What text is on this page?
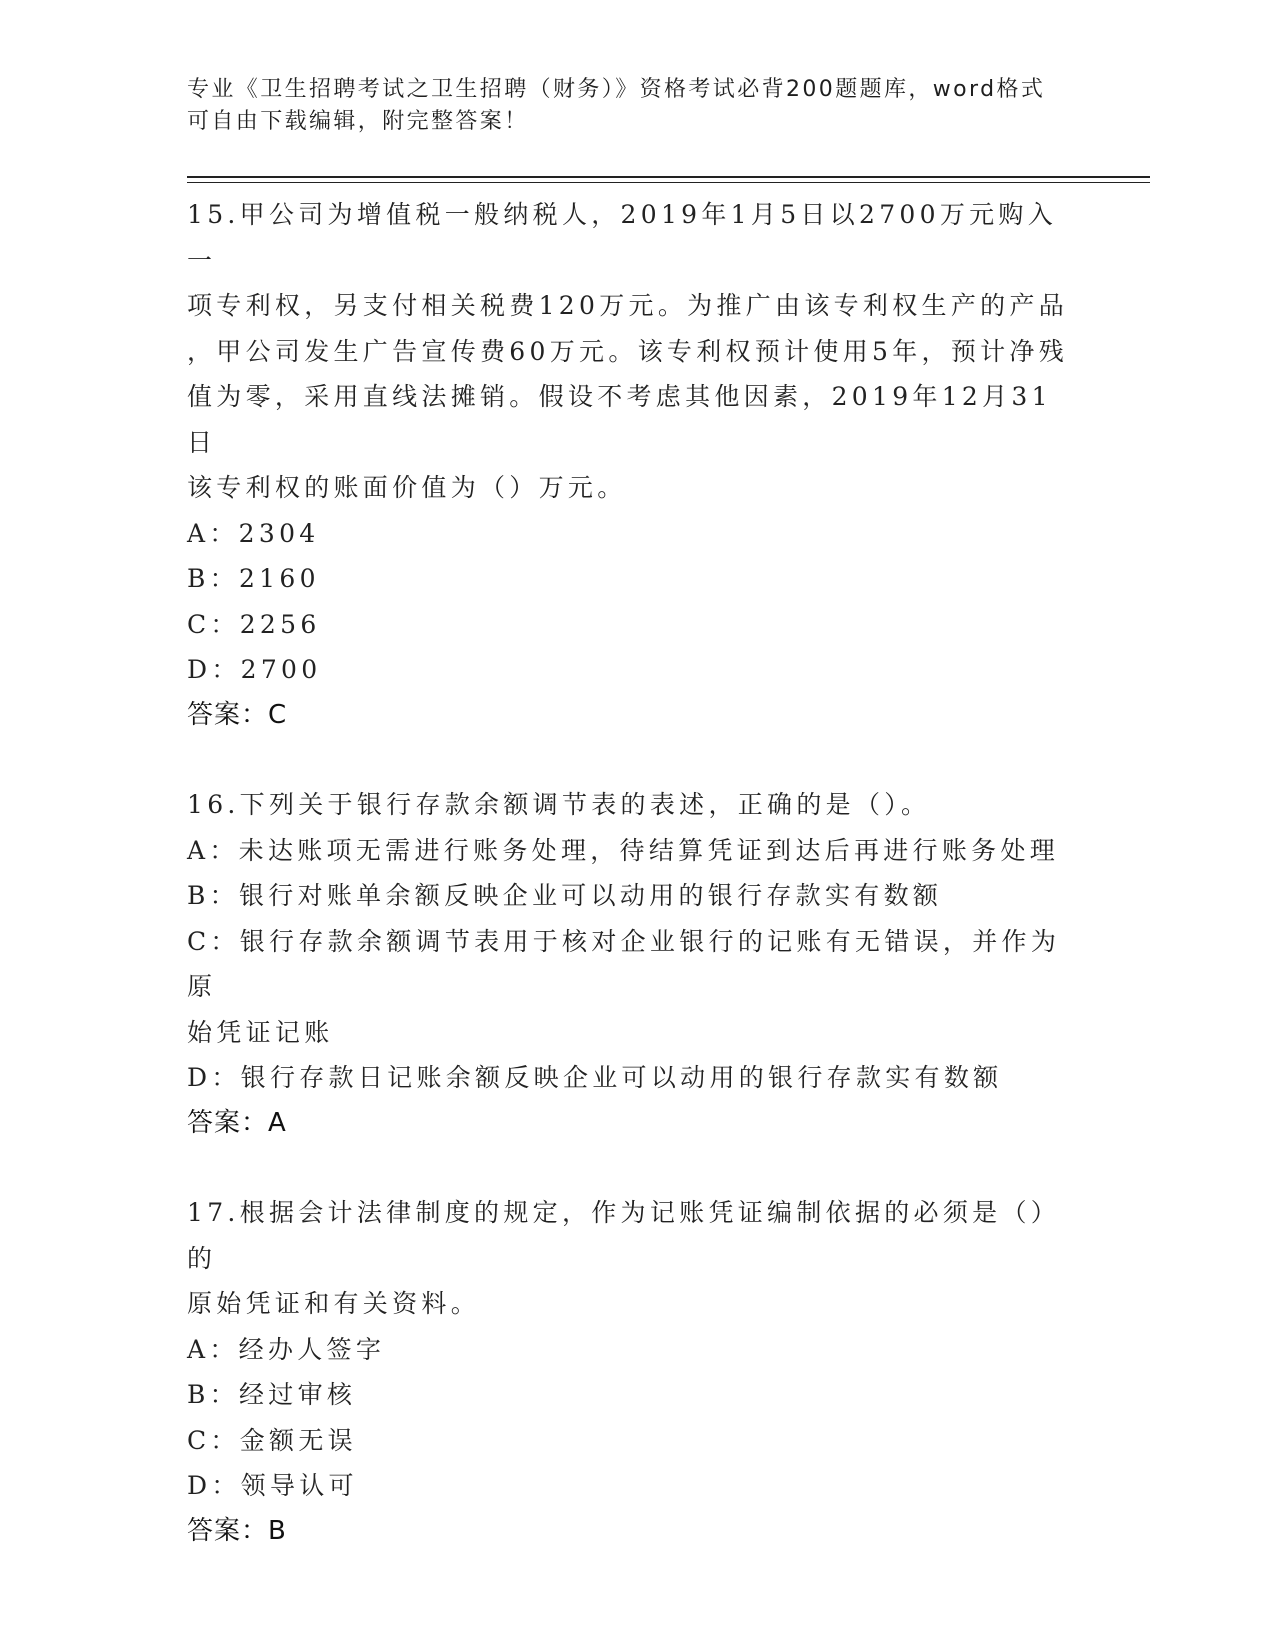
专业《卫生招聘考试之卫生招聘（财务）》资格考试必背200题题库，word格式
可自由下载编辑，附完整答案！

15.甲公司为增值税一般纳税人，2019年1月5日以2700万元购入一

项专利权，另支付相关税费120万元。为推广由该专利权生产的产品

，甲公司发生广告宣传费60万元。该专利权预计使用5年，预计净残

值为零，采用直线法摊销。假设不考虑其他因素，2019年12月31日

该专利权的账面价值为（）万元。

A：2304

B：2160

C：2256

D：2700

答案：C

16.下列关于银行存款余额调节表的表述，正确的是（）。

A：未达账项无需进行账务处理，待结算凭证到达后再进行账务处理

B：银行对账单余额反映企业可以动用的银行存款实有数额

C：银行存款余额调节表用于核对企业银行的记账有无错误，并作为原

始凭证记账

D：银行存款日记账余额反映企业可以动用的银行存款实有数额

答案：A

17.根据会计法律制度的规定，作为记账凭证编制依据的必须是（）的

原始凭证和有关资料。

A：经办人签字

B：经过审核

C：金额无误

D：领导认可

答案：B
